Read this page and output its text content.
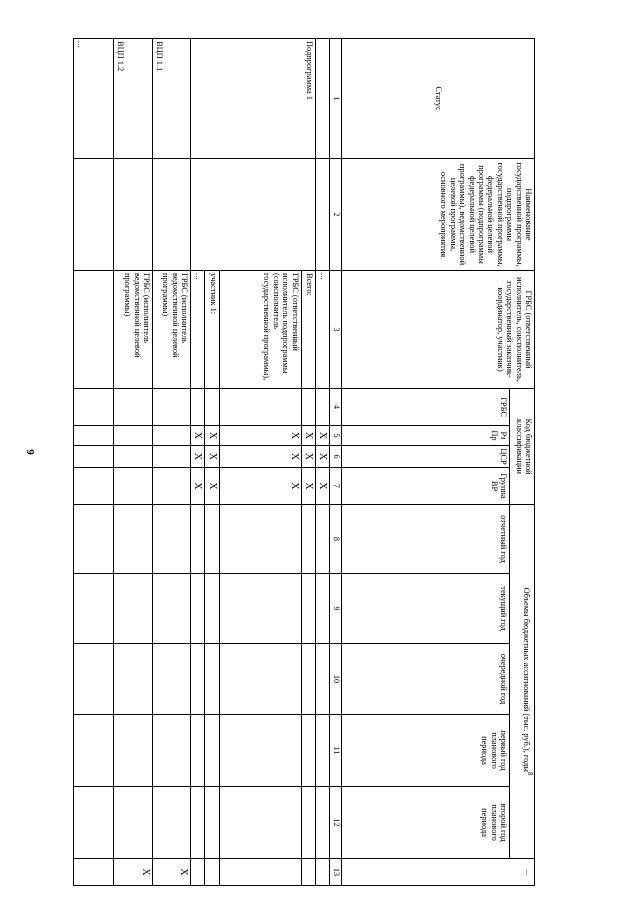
6
Статус	Наименование государственной программы, подпрограммы государственной программы, федеральной целевой программы (подпрограммы федеральной целевой программы), ведомственной целевой программы, основного мероприятия	ГРБС (ответственный исполнитель, соисполнитель, государственный заказчик-координатор, участник)	Код бюджетной классификации				Объемы бюджетных ассигнований (тыс. руб.), годы$^8$					...
			ГРБС	Рз Пр	ЦСР	Группа ВР	отчетный год	текущий год	очередной год	первый год планового периода	второй год планового периода	
1	2	3	4	5	6	7	8	9	10	11	12	13
		...		X	X	X						
Подпрограмма 1		Всего:		X	X	X						
		ГРБС (ответственный исполнитель подпрограммы (соисполнитель государственной программы),		X	X	X						
		участник 1:		X	X	X						
		...		X	X	X						
ВЦП 1.1		ГРБС (исполнитель ведомственной целевой программы)										X
ВЦП 1.2		ГРБС (исполнитель ведомственной целевой программы)										X
...												
